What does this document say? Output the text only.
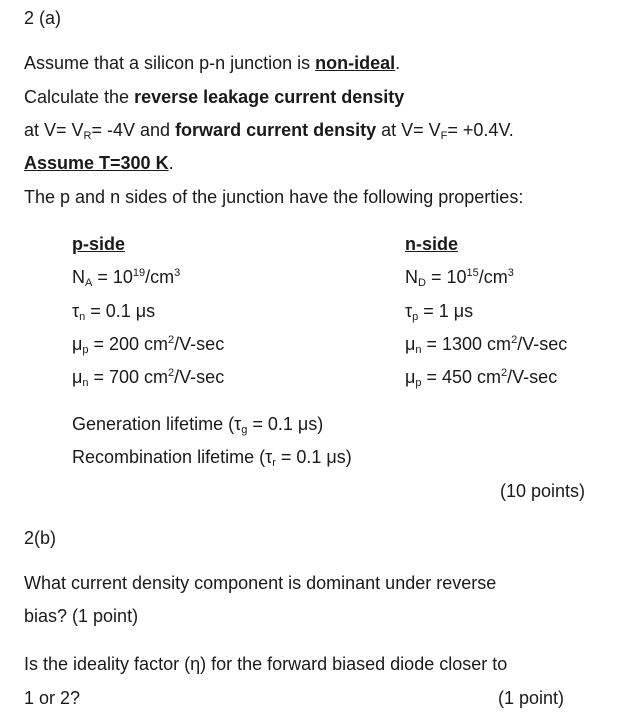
2 (a)
Assume that a silicon p-n junction is non-ideal.
Calculate the reverse leakage current density
at $V= V_R= -4V$ and forward current density at $V= V_F= +0.4V$.
Assume T=300 K.
The p and n sides of the junction have the following properties:
p-side
$N_A = 10^{19}/cm^3$
$\tau_n = 0.1$ μs
$\mu_p = 200$ $cm^2/V-\sec$
$\mu_n = 700$ $cm^2/V-\sec$
n-side
$N_D = 10^{15}/cm^3$
$\tau_p = 1$ μs
$\mu_n = 1300$ $cm^2/V-\sec$
$\mu_p = 450$ $cm^2/V-\sec$
Generation lifetime ($\tau_g = 0.1$ μs)
Recombination lifetime ($\tau_r = 0.1$ μs)
(10 points)
2(b)
What current density component is dominant under reverse
bias? (1 point)
Is the ideality factor (η) for the forward biased diode closer to
1 or 2?	(1 point)
